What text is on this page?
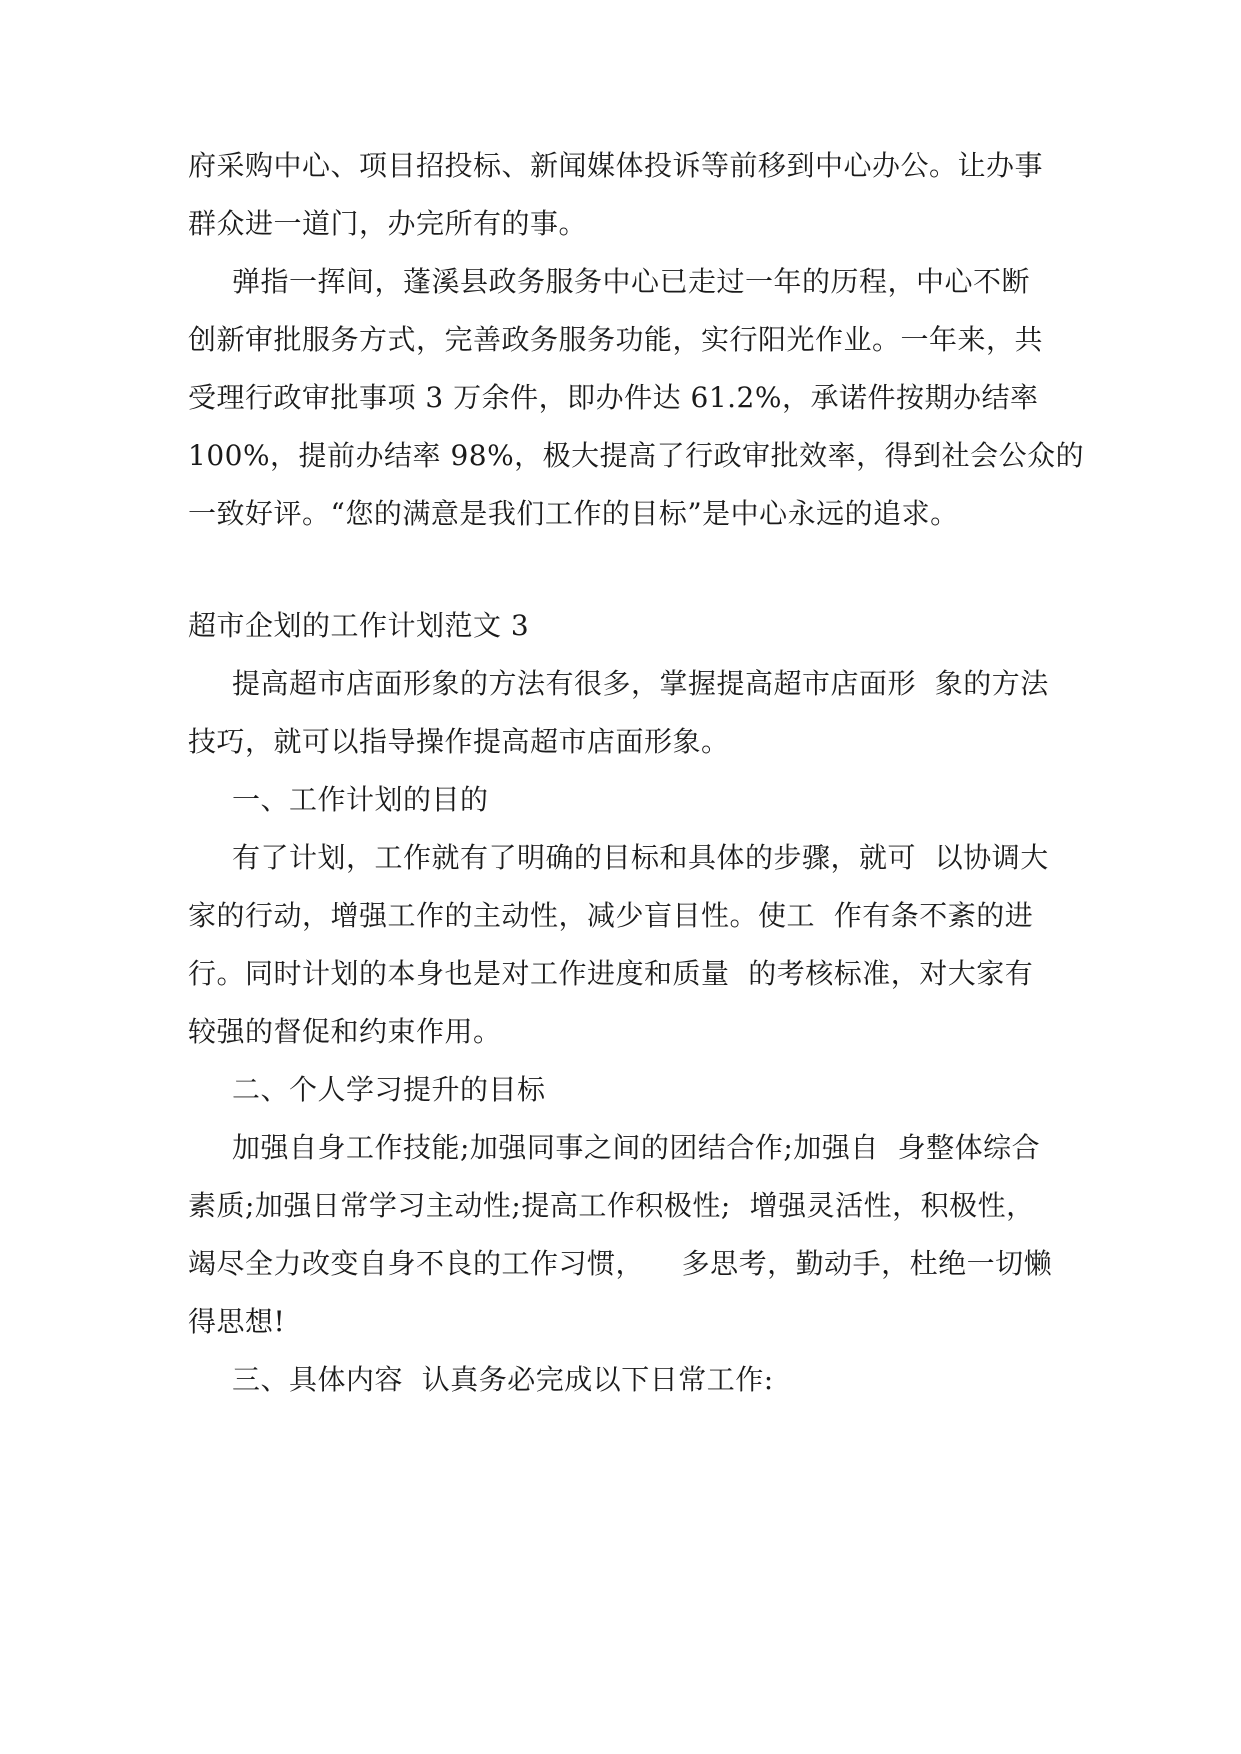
府采购中心、项目招投标、新闻媒体投诉等前移到中心办公。让办事
群众进一道门，办完所有的事。
弹指一挥间，蓬溪县政务服务中心已走过一年的历程，中心不断
创新审批服务方式，完善政务服务功能，实行阳光作业。一年来，共
受理行政审批事项 3 万余件，即办件达 61.2%，承诺件按期办结率
100%，提前办结率 98%，极大提高了行政审批效率，得到社会公众的
一致好评。“您的满意是我们工作的目标”是中心永远的追求。
超市企划的工作计划范文 3
提高超市店面形象的方法有很多，掌握提高超市店面形  象的方法
技巧，就可以指导操作提高超市店面形象。
一、工作计划的目的
有了计划，工作就有了明确的目标和具体的步骤，就可  以协调大
家的行动，增强工作的主动性，减少盲目性。使工  作有条不紊的进
行。同时计划的本身也是对工作进度和质量  的考核标准，对大家有
较强的督促和约束作用。
二、个人学习提升的目标
加强自身工作技能;加强同事之间的团结合作;加强自  身整体综合
素质;加强日常学习主动性;提高工作积极性;  增强灵活性，积极性，
竭尽全力改变自身不良的工作习惯，    多思考，勤动手，杜绝一切懒
得思想!
三、具体内容  认真务必完成以下日常工作:
